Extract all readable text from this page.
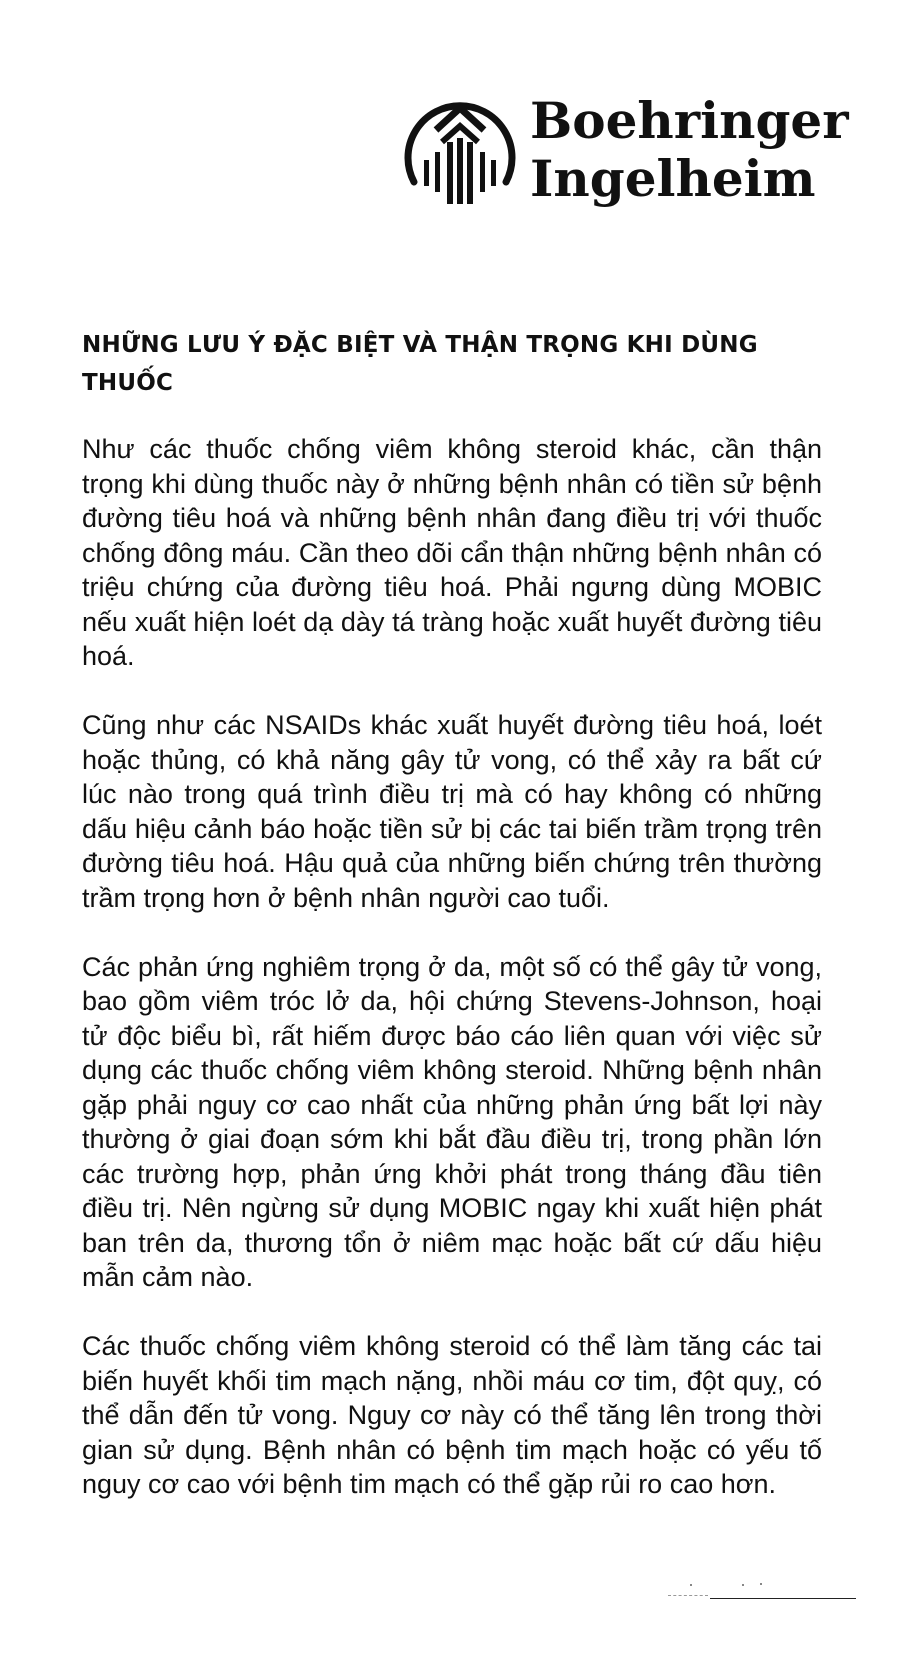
Boehringer
Ingelheim
NHỮNG LƯU Ý ĐẶC BIỆT VÀ THẬN TRỌNG KHI DÙNG THUỐC

Như các thuốc chống viêm không steroid khác, cần thận trọng khi dùng thuốc này ở những bệnh nhân có tiền sử bệnh đường tiêu hoá và những bệnh nhân đang điều trị với thuốc chống đông máu. Cần theo dõi cẩn thận những bệnh nhân có triệu chứng của đường tiêu hoá. Phải ngưng dùng MOBIC nếu xuất hiện loét dạ dày tá tràng hoặc xuất huyết đường tiêu hoá.

Cũng như các NSAIDs khác xuất huyết đường tiêu hoá, loét hoặc thủng, có khả năng gây tử vong, có thể xảy ra bất cứ lúc nào trong quá trình điều trị mà có hay không có những dấu hiệu cảnh báo hoặc tiền sử bị các tai biến trầm trọng trên đường tiêu hoá. Hậu quả của những biến chứng trên thường trầm trọng hơn ở bệnh nhân người cao tuổi.

Các phản ứng nghiêm trọng ở da, một số có thể gây tử vong, bao gồm viêm tróc lở da, hội chứng Stevens-Johnson, hoại tử độc biểu bì, rất hiếm được báo cáo liên quan với việc sử dụng các thuốc chống viêm không steroid. Những bệnh nhân gặp phải nguy cơ cao nhất của những phản ứng bất lợi này thường ở giai đoạn sớm khi bắt đầu điều trị, trong phần lớn các trường hợp, phản ứng khởi phát trong tháng đầu tiên điều trị. Nên ngừng sử dụng MOBIC ngay khi xuất hiện phát ban trên da, thương tổn ở niêm mạc hoặc bất cứ dấu hiệu mẫn cảm nào.

Các thuốc chống viêm không steroid có thể làm tăng các tai biến huyết khối tim mạch nặng, nhồi máu cơ tim, đột quỵ, có thể dẫn đến tử vong. Nguy cơ này có thể tăng lên trong thời gian sử dụng. Bệnh nhân có bệnh tim mạch hoặc có yếu tố nguy cơ cao với bệnh tim mạch có thể gặp rủi ro cao hơn.
